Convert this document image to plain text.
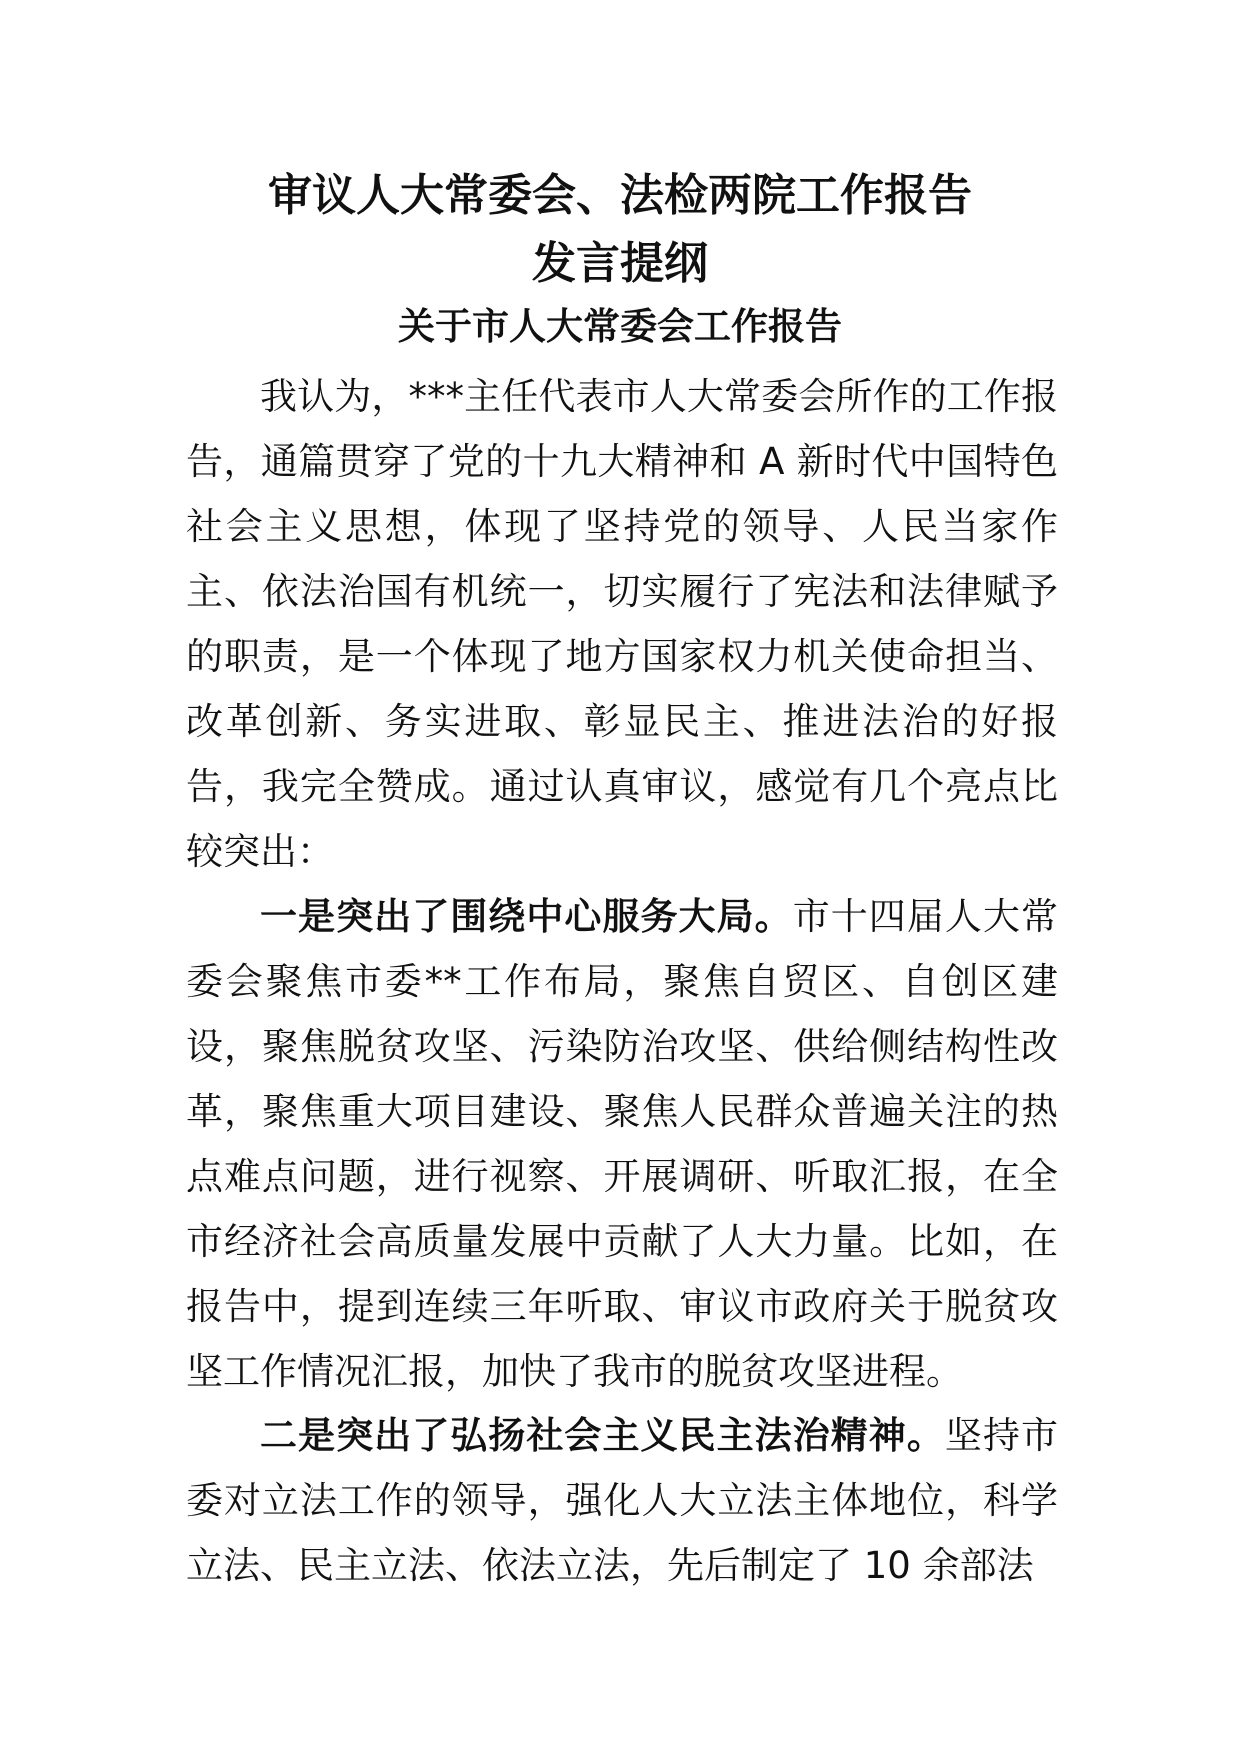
审议人大常委会、法检两院工作报告
发言提纲
关于市人大常委会工作报告

我认为，***主任代表市人大常委会所作的工作报告，通篇贯穿了党的十九大精神和 A 新时代中国特色社会主义思想，体现了坚持党的领导、人民当家作主、依法治国有机统一，切实履行了宪法和法律赋予的职责，是一个体现了地方国家权力机关使命担当、改革创新、务实进取、彰显民主、推进法治的好报告，我完全赞成。通过认真审议，感觉有几个亮点比较突出：

一是突出了围绕中心服务大局。市十四届人大常委会聚焦市委**工作布局，聚焦自贸区、自创区建设，聚焦脱贫攻坚、污染防治攻坚、供给侧结构性改革，聚焦重大项目建设、聚焦人民群众普遍关注的热点难点问题，进行视察、开展调研、听取汇报，在全市经济社会高质量发展中贡献了人大力量。比如，在报告中，提到连续三年听取、审议市政府关于脱贫攻坚工作情况汇报，加快了我市的脱贫攻坚进程。

二是突出了弘扬社会主义民主法治精神。坚持市委对立法工作的领导，强化人大立法主体地位，科学立法、民主立法、依法立法，先后制定了 10 余部法
